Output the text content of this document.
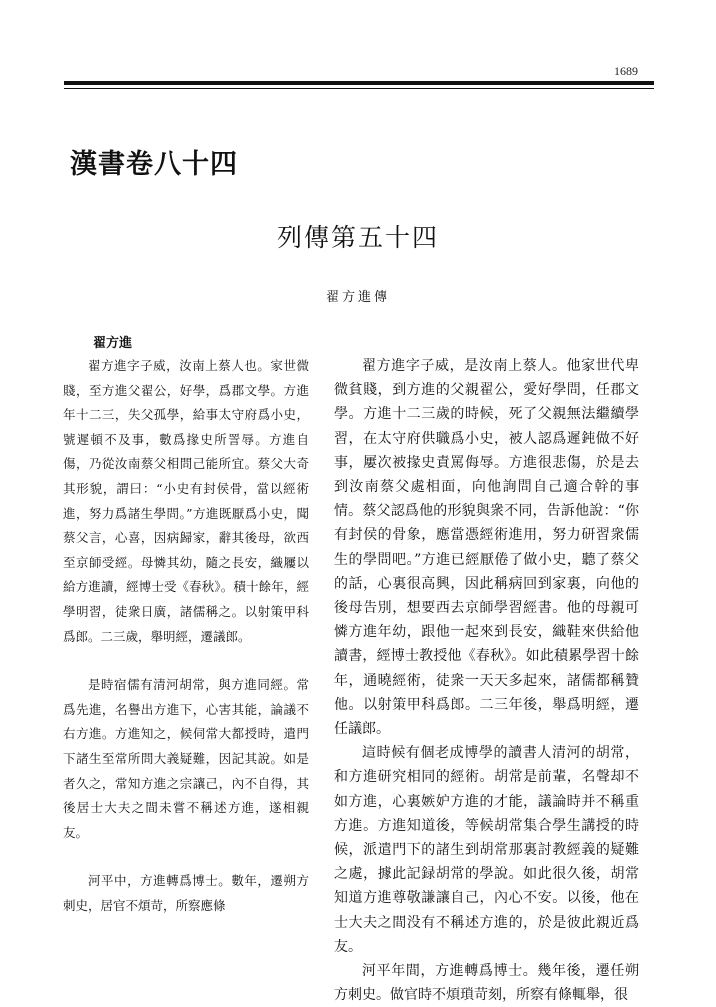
1689
漢書卷八十四
列傳第五十四
翟方進傳
翟方進

翟方進字子威，汝南上蔡人也。家世微賤，至方進父翟公，好學，爲郡文學。方進年十二三，失父孤學，給事太守府爲小史，號遲頓不及事，數爲掾史所詈辱。方進自傷，乃從汝南蔡父相問己能所宜。蔡父大奇其形貌，謂曰：“小史有封侯骨，當以經術進，努力爲諸生學問。”方進既厭爲小史，聞蔡父言，心喜，因病歸家，辭其後母，欲西至京師受經。母憐其幼，隨之長安，織屨以給方進讀，經博士受《春秋》。積十餘年，經學明習，徒衆日廣，諸儒稱之。以射策甲科爲郎。二三歲，舉明經，遷議郎。

是時宿儒有清河胡常，與方進同經。常爲先進，名譽出方進下，心害其能，論議不右方進。方進知之，候伺常大都授時，遣門下諸生至常所問大義疑難，因記其說。如是者久之，常知方進之宗讓己，內不自得，其後居士大夫之間未嘗不稱述方進，遂相親友。

河平中，方進轉爲博士。數年，遷朔方刺史，居官不煩苛，所察應條

翟方進字子威，是汝南上蔡人。他家世代卑微貧賤，到方進的父親翟公，愛好學問，任郡文學。方進十二三歲的時候，死了父親無法繼續學習，在太守府供職爲小史，被人認爲遲鈍做不好事，屢次被掾史責罵侮辱。方進很悲傷，於是去到汝南蔡父處相面，向他詢問自己適合幹的事情。蔡父認爲他的形貌與衆不同，告訴他說：“你有封侯的骨象，應當憑經術進用，努力研習衆儒生的學問吧。”方進已經厭倦了做小史，聽了蔡父的話，心裏很高興，因此稱病回到家裏，向他的後母告別，想要西去京師學習經書。他的母親可憐方進年幼，跟他一起來到長安，織鞋來供給他讀書，經博士教授他《春秋》。如此積累學習十餘年，通曉經術，徒衆一天天多起來，諸儒都稱贊他。以射策甲科爲郎。二三年後，舉爲明經，遷任議郎。

這時候有個老成博學的讀書人清河的胡常，和方進研究相同的經術。胡常是前輩，名聲却不如方進，心裏嫉妒方進的才能，議論時并不稱重方進。方進知道後，等候胡常集合學生講授的時候，派遣門下的諸生到胡常那裏討教經義的疑難之處，據此記録胡常的學說。如此很久後，胡常知道方進尊敬謙讓自己，內心不安。以後，他在士大夫之間没有不稱述方進的，於是彼此親近爲友。

河平年間，方進轉爲博士。幾年後，遷任朔方刺史。做官時不煩瑣苛刻，所察有條輒舉，很
